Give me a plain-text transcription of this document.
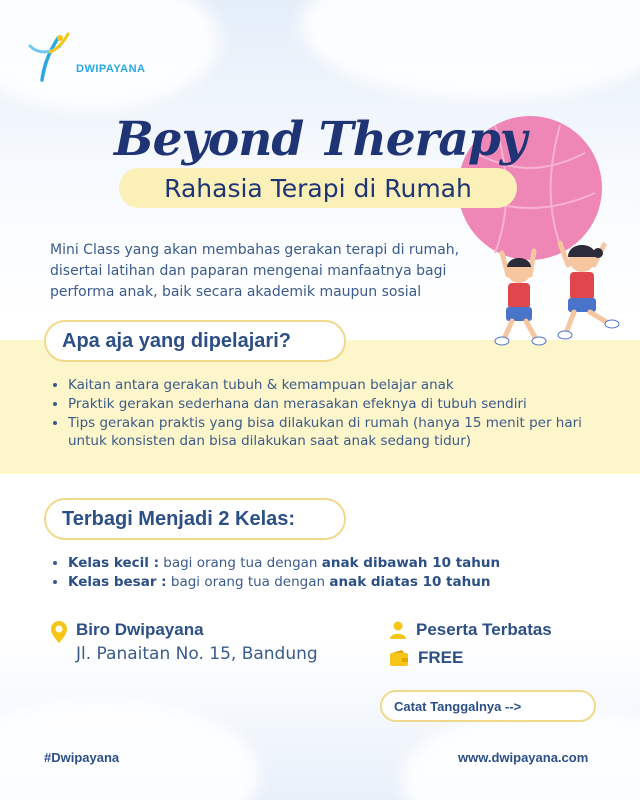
DWIPAYANA
Beyond Therapy
Rahasia Terapi di Rumah
Mini Class yang akan membahas gerakan terapi di rumah, disertai latihan dan paparan mengenai manfaatnya bagi performa anak, baik secara akademik maupun sosial
Apa aja yang dipelajari?
• Kaitan antara gerakan tubuh & kemampuan belajar anak
• Praktik gerakan sederhana dan merasakan efeknya di tubuh sendiri
• Tips gerakan praktis yang bisa dilakukan di rumah (hanya 15 menit per hari untuk konsisten dan bisa dilakukan saat anak sedang tidur)
Terbagi Menjadi 2 Kelas:
• Kelas kecil : bagi orang tua dengan anak dibawah 10 tahun
• Kelas besar : bagi orang tua dengan anak diatas 10 tahun
Biro Dwipayana
Jl. Panaitan No. 15, Bandung
Peserta Terbatas
FREE
Catat Tanggalnya -->
#Dwipayana	www.dwipayana.com
